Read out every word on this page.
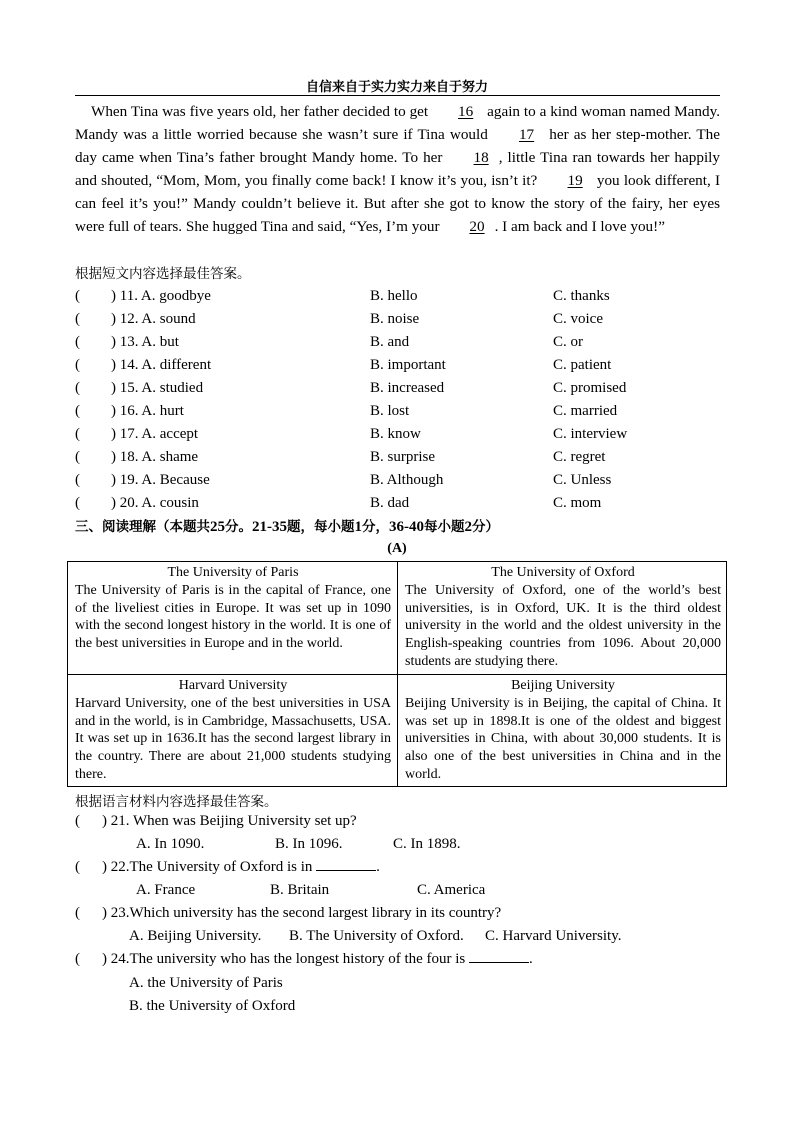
自信来自于实力实力来自于努力

When Tina was five years old, her father decided to get 16 again to a kind woman named Mandy. Mandy was a little worried because she wasn’t sure if Tina would 17 her as her step-mother. The day came when Tina’s father brought Mandy home. To her 18 , little Tina ran towards her happily and shouted, “Mom, Mom, you finally come back! I know it’s you, isn’t it? 19 you look different, I can feel it’s you!” Mandy couldn’t believe it. But after she got to know the story of the fairy, her eyes were full of tears. She hugged Tina and said, “Yes, I’m your 20 . I am back and I love you!”

根据短文内容选择最佳答案。
( ) 11. A. goodbye	B. hello	C. thanks
( ) 12. A. sound	B. noise	C. voice
( ) 13. A. but	B. and	C. or
( ) 14. A. different	B. important	C. patient
( ) 15. A. studied	B. increased	C. promised
( ) 16. A. hurt	B. lost	C. married
( ) 17. A. accept	B. know	C. interview
( ) 18. A. shame	B. surprise	C. regret
( ) 19. A. Because	B. Although	C. Unless
( ) 20. A. cousin	B. dad	C. mom
三、阅读理解（本题共25分。21-35题，每小题1分，36-40每小题2分）
(A)
The University of Paris
The University of Paris is in the capital of France, one of the liveliest cities in Europe. It was set up in 1090 with the second longest history in the world. It is one of the best universities in Europe and in the world.
The University of Oxford
The University of Oxford, one of the world’s best universities, is in Oxford, UK. It is the third oldest university in the world and the oldest university in the English-speaking countries from 1096. About 20,000 students are studying there.
Harvard University
Harvard University, one of the best universities in USA and in the world, is in Cambridge, Massachusetts, USA. It was set up in 1636.It has the second largest library in the country. There are about 21,000 students studying there.
Beijing University
Beijing University is in Beijing, the capital of China. It was set up in 1898.It is one of the oldest and biggest universities in China, with about 30,000 students. It is also one of the best universities in China and in the world.
根据语言材料内容选择最佳答案。
( ) 21. When was Beijing University set up?
A. In 1090.	B. In 1096.	C. In 1898.
( ) 22.The University of Oxford is in	.
A. France	B. Britain	C. America
( ) 23.Which university has the second largest library in its country?
A. Beijing University. B. The University of Oxford. C. Harvard University.
( ) 24.The university who has the longest history of the four is	.
A. the University of Paris
B. the University of Oxford
